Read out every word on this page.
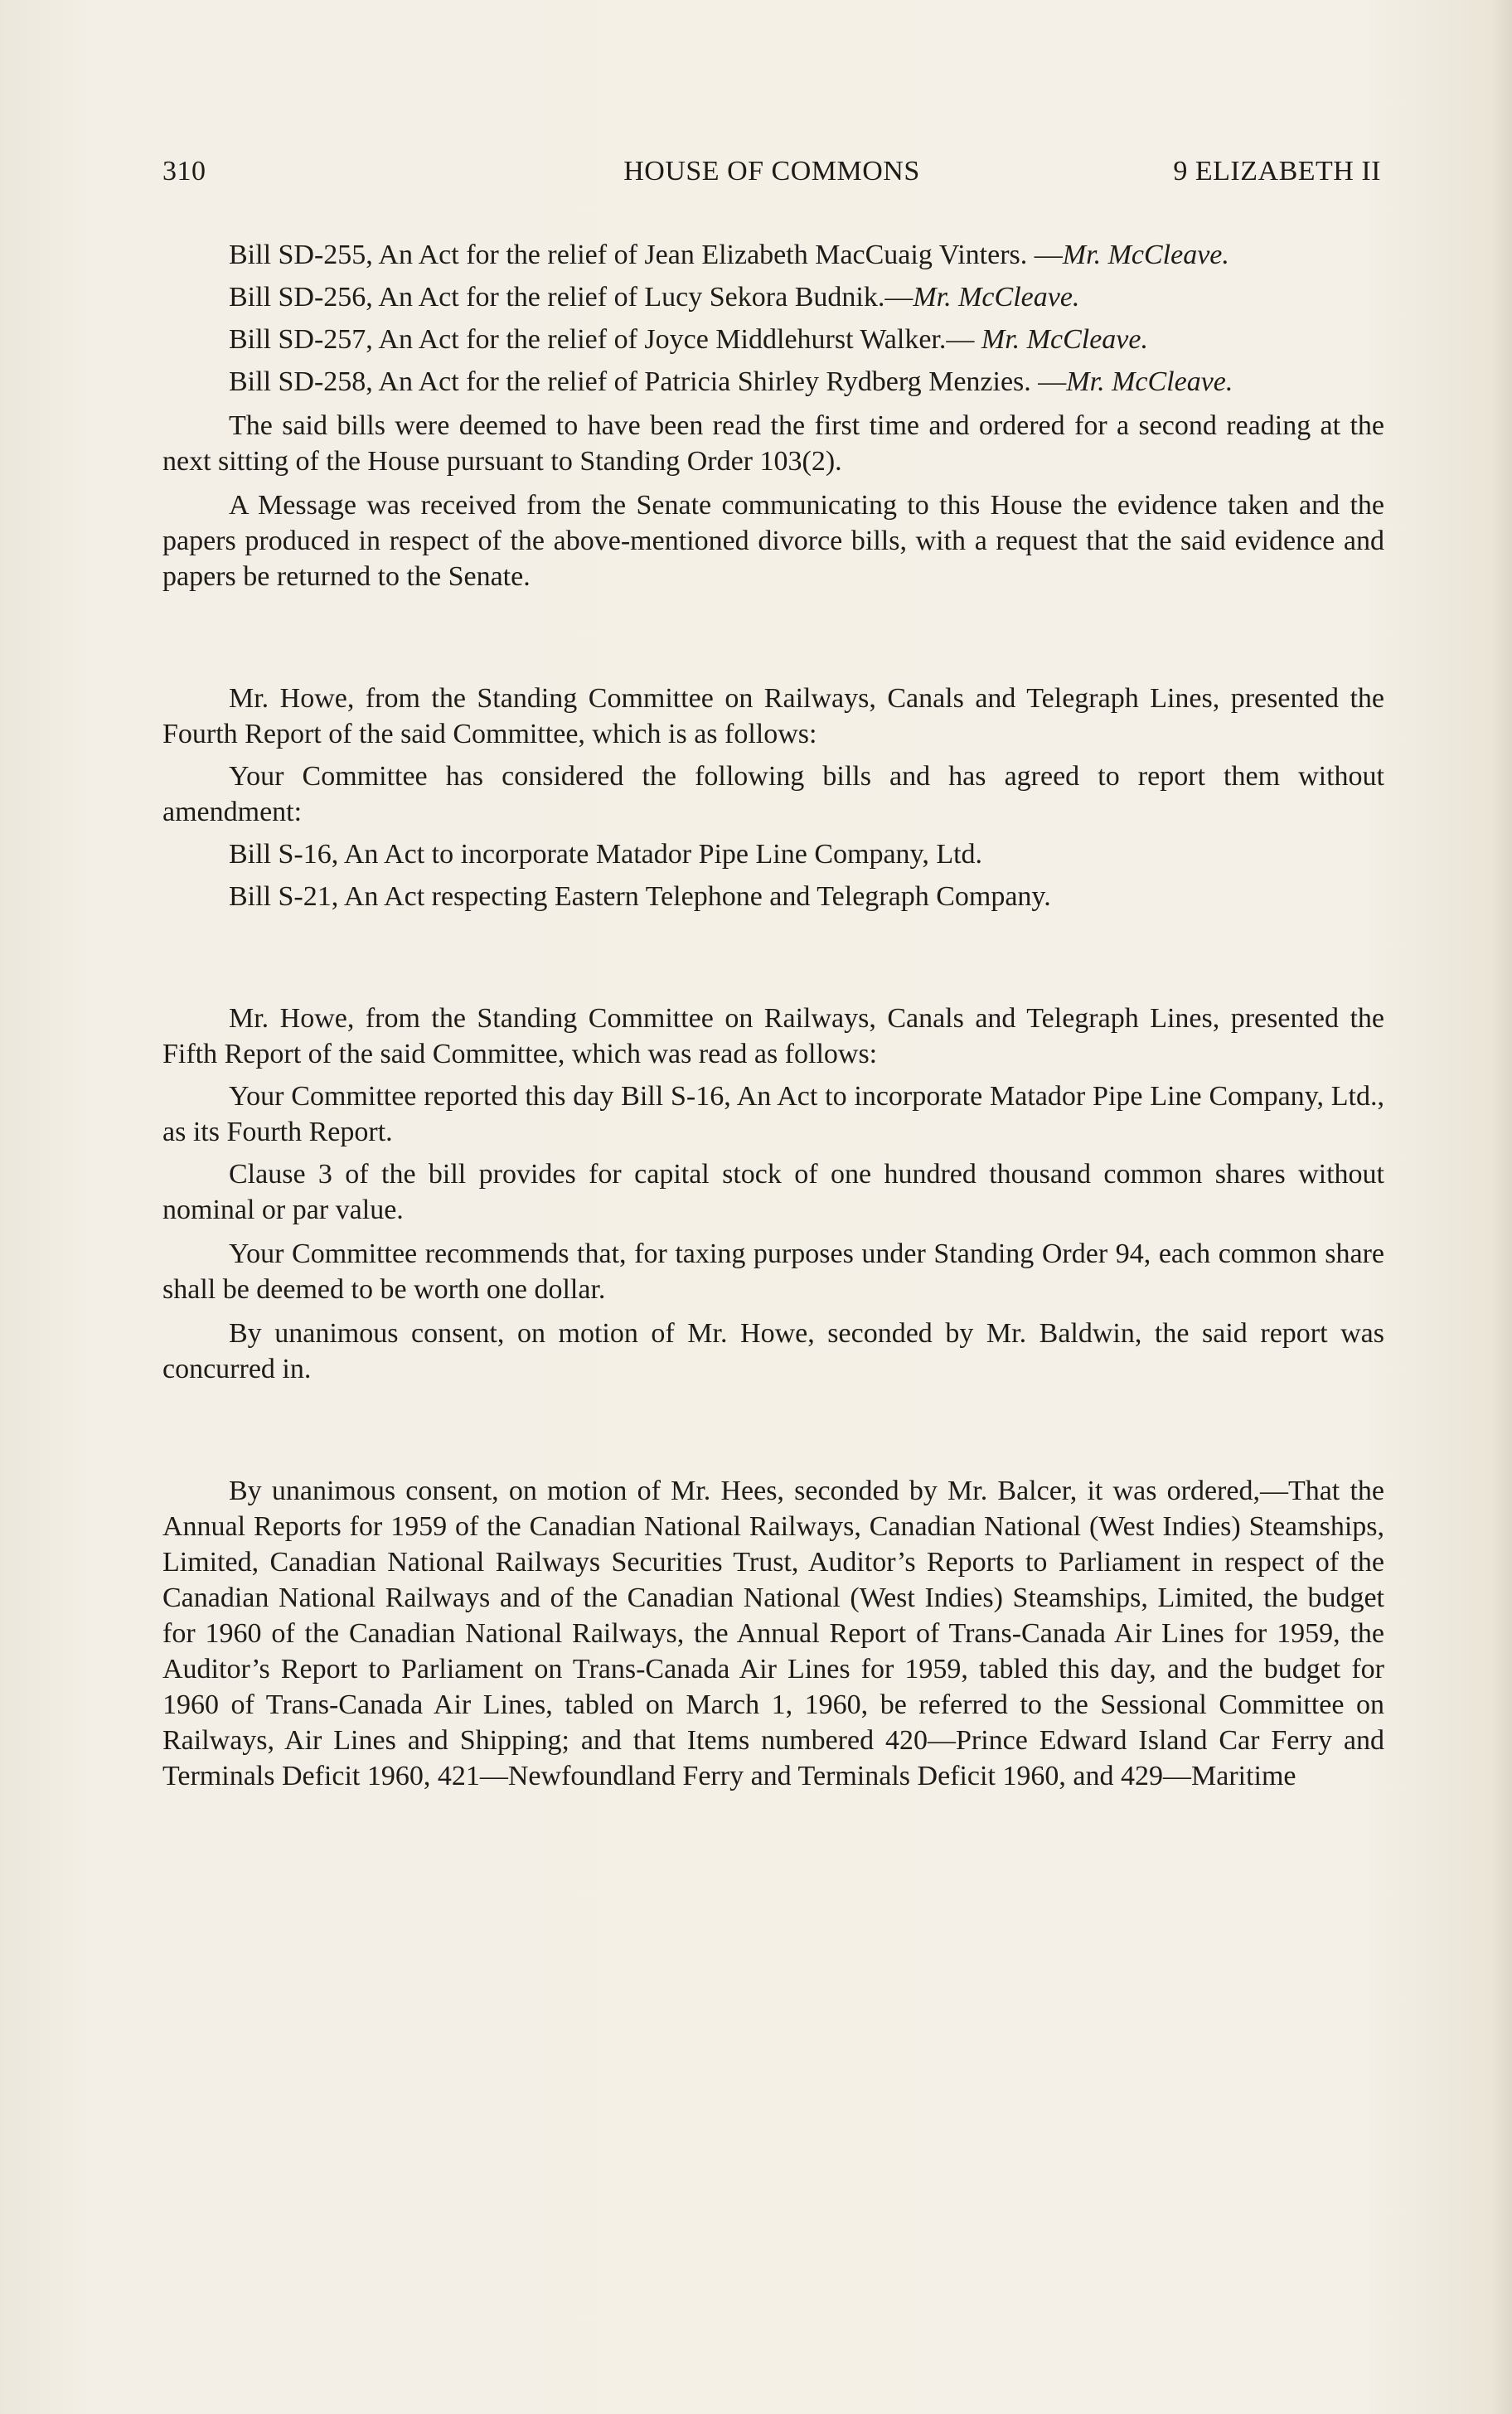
310	HOUSE OF COMMONS	9 ELIZABETH II

Bill SD-255, An Act for the relief of Jean Elizabeth MacCuaig Vinters. —Mr. McCleave.

Bill SD-256, An Act for the relief of Lucy Sekora Budnik.—Mr. McCleave.

Bill SD-257, An Act for the relief of Joyce Middlehurst Walker.— Mr. McCleave.

Bill SD-258, An Act for the relief of Patricia Shirley Rydberg Menzies. —Mr. McCleave.

The said bills were deemed to have been read the first time and ordered for a second reading at the next sitting of the House pursuant to Standing Order 103(2).

A Message was received from the Senate communicating to this House the evidence taken and the papers produced in respect of the above-mentioned divorce bills, with a request that the said evidence and papers be returned to the Senate.

Mr. Howe, from the Standing Committee on Railways, Canals and Telegraph Lines, presented the Fourth Report of the said Committee, which is as follows:

Your Committee has considered the following bills and has agreed to report them without amendment:

Bill S-16, An Act to incorporate Matador Pipe Line Company, Ltd.

Bill S-21, An Act respecting Eastern Telephone and Telegraph Company.

Mr. Howe, from the Standing Committee on Railways, Canals and Telegraph Lines, presented the Fifth Report of the said Committee, which was read as follows:

Your Committee reported this day Bill S-16, An Act to incorporate Matador Pipe Line Company, Ltd., as its Fourth Report.

Clause 3 of the bill provides for capital stock of one hundred thousand common shares without nominal or par value.

Your Committee recommends that, for taxing purposes under Standing Order 94, each common share shall be deemed to be worth one dollar.

By unanimous consent, on motion of Mr. Howe, seconded by Mr. Baldwin, the said report was concurred in.

By unanimous consent, on motion of Mr. Hees, seconded by Mr. Balcer, it was ordered,—That the Annual Reports for 1959 of the Canadian National Railways, Canadian National (West Indies) Steamships, Limited, Canadian National Railways Securities Trust, Auditor’s Reports to Parliament in respect of the Canadian National Railways and of the Canadian National (West Indies) Steamships, Limited, the budget for 1960 of the Canadian National Railways, the Annual Report of Trans-Canada Air Lines for 1959, the Auditor’s Report to Parliament on Trans-Canada Air Lines for 1959, tabled this day, and the budget for 1960 of Trans-Canada Air Lines, tabled on March 1, 1960, be referred to the Sessional Committee on Railways, Air Lines and Shipping; and that Items numbered 420—Prince Edward Island Car Ferry and Terminals Deficit 1960, 421—Newfoundland Ferry and Terminals Deficit 1960, and 429—Maritime
